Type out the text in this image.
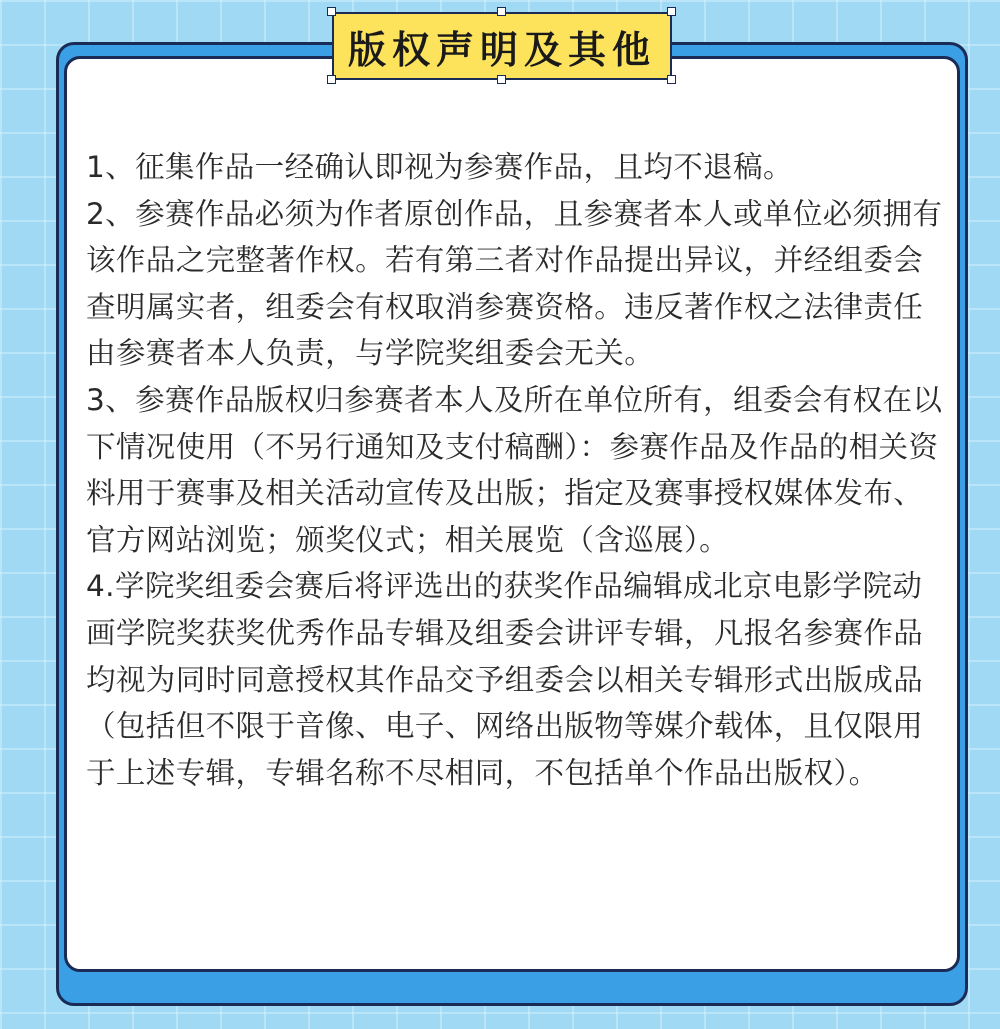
版权声明及其他

1、征集作品一经确认即视为参赛作品，且均不退稿。

2、参赛作品必须为作者原创作品，且参赛者本人或单位必须拥有该作品之完整著作权。若有第三者对作品提出异议，并经组委会查明属实者，组委会有权取消参赛资格。违反著作权之法律责任由参赛者本人负责，与学院奖组委会无关。

3、参赛作品版权归参赛者本人及所在单位所有，组委会有权在以下情况使用（不另行通知及支付稿酬）：参赛作品及作品的相关资料用于赛事及相关活动宣传及出版；指定及赛事授权媒体发布、官方网站浏览；颁奖仪式；相关展览（含巡展）。

4.学院奖组委会赛后将评选出的获奖作品编辑成北京电影学院动画学院奖获奖优秀作品专辑及组委会讲评专辑，凡报名参赛作品均视为同时同意授权其作品交予组委会以相关专辑形式出版成品（包括但不限于音像、电子、网络出版物等媒介载体，且仅限用于上述专辑，专辑名称不尽相同，不包括单个作品出版权）。
